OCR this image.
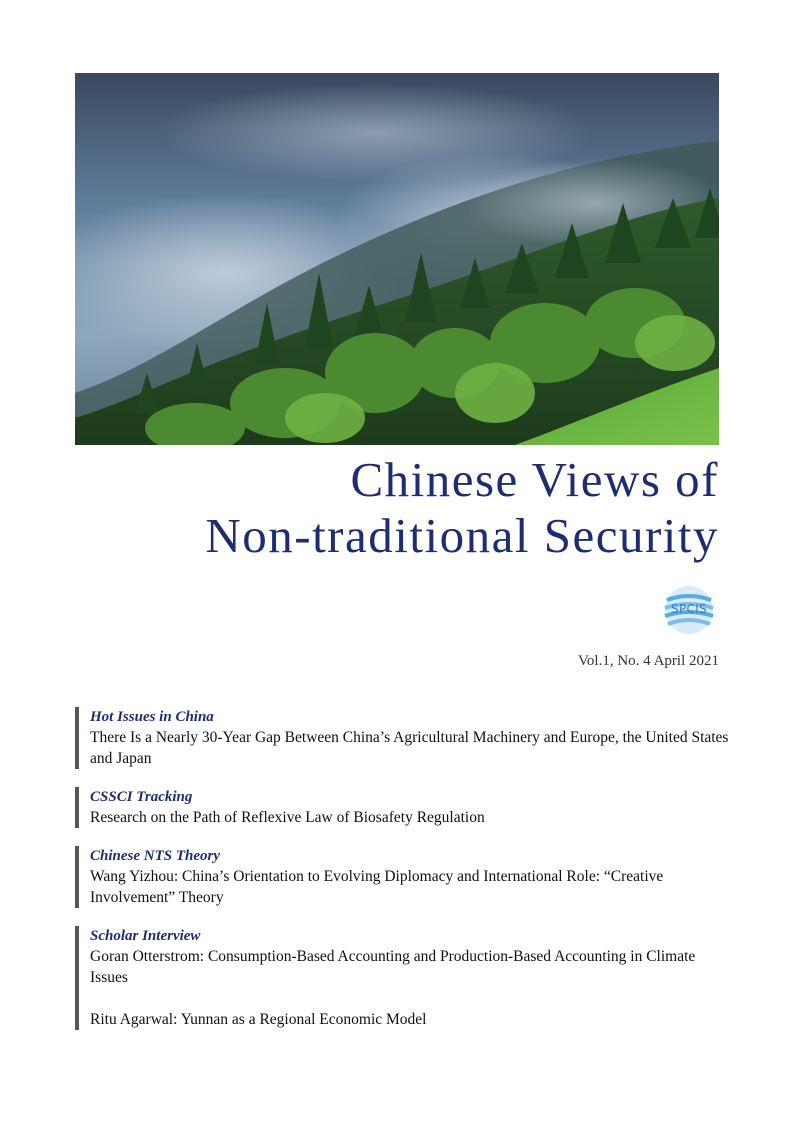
Chinese Views of
Non-traditional Security
SPCIS
Vol.1, No. 4 April 2021
Hot Issues in China
There Is a Nearly 30-Year Gap Between China’s Agricultural Machinery and Europe, the United States and Japan
CSSCI Tracking
Research on the Path of Reflexive Law of Biosafety Regulation
Chinese NTS Theory
Wang Yizhou: China’s Orientation to Evolving Diplomacy and International Role: “Creative Involvement” Theory
Scholar Interview
Goran Otterstrom: Consumption-Based Accounting and Production-Based Accounting in Climate Issues
Ritu Agarwal: Yunnan as a Regional Economic Model
